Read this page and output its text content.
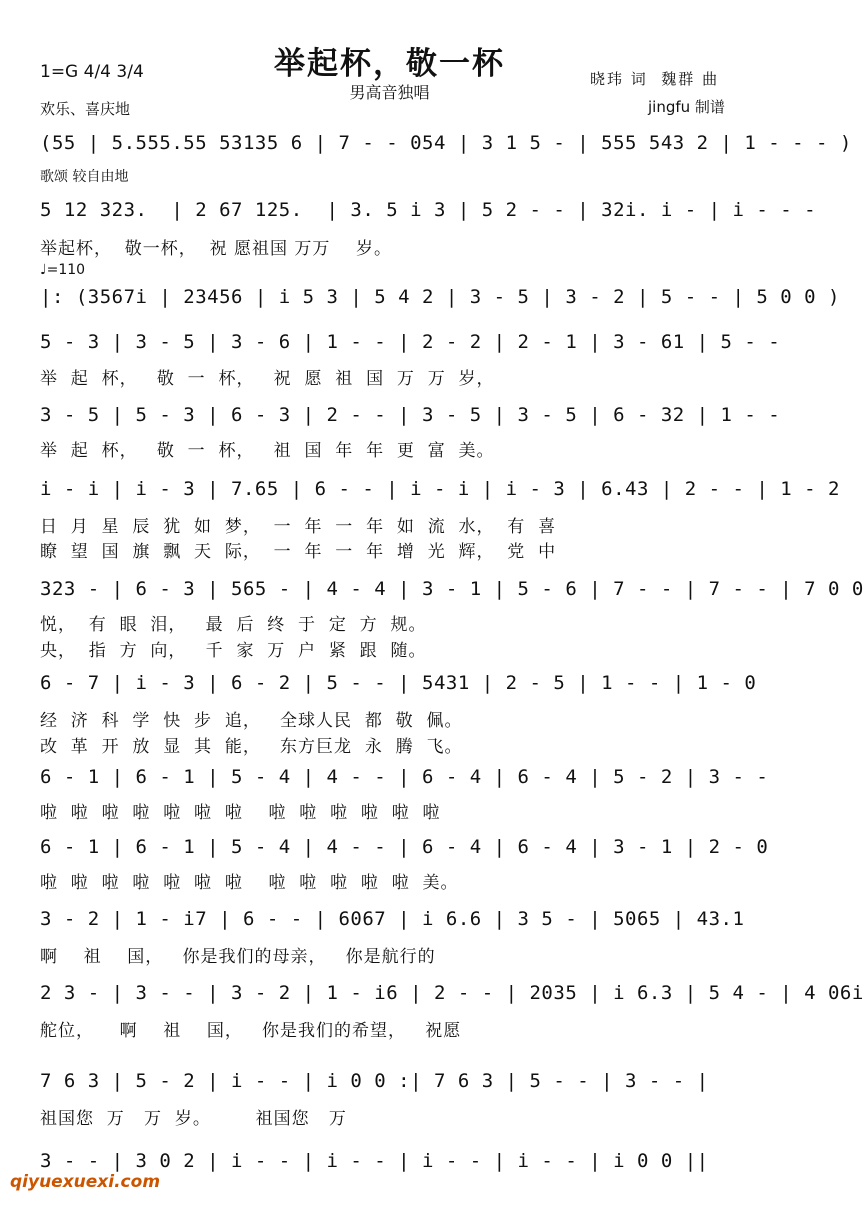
举起杯，敬一杯
男高音独唱
1=G 4/4 3/4
欢乐、喜庆地
晓玮 词  魏群 曲
jingfu 制谱
(55 | 5.555.55 53135 6 | 7 - - 054 | 3 1 5 - | 555 543 2 | 1 - - - )
歌颂 较自由地
5 12 323.  | 2 67 125.  | 3. 5 i 3 | 5 2 - - | 32i. i - | i - - -
举起杯，  敬一杯，  祝 愿祖国 万万    岁。
♩=110
|: (3567i | 23456 | i 5 3 | 5 4 2 | 3 - 5 | 3 - 2 | 5 - - | 5 0 0 )
5 - 3 | 3 - 5 | 3 - 6 | 1 - - | 2 - 2 | 2 - 1 | 3 - 61 | 5 - -
举  起  杯，   敬  一  杯，   祝  愿  祖  国  万  万  岁，
3 - 5 | 5 - 3 | 6 - 3 | 2 - - | 3 - 5 | 3 - 5 | 6 - 32 | 1 - -
举  起  杯，   敬  一  杯，   祖  国  年  年  更  富  美。
i - i | i - 3 | 7.65 | 6 - - | i - i | i - 3 | 6.43 | 2 - - | 1 - 2
日  月  星  辰  犹  如  梦，  一  年  一  年  如  流  水，  有  喜
瞭  望  国  旗  飘  天  际，  一  年  一  年  增  光  辉，  党  中
323 - | 6 - 3 | 565 - | 4 - 4 | 3 - 1 | 5 - 6 | 7 - - | 7 - - | 7 0 0
悦，  有  眼  泪，   最  后  终  于  定  方  规。
央，  指  方  向，   千  家  万  户  紧  跟  随。
6 - 7 | i - 3 | 6 - 2 | 5 - - | 5431 | 2 - 5 | 1 - - | 1 - 0
经  济  科  学  快  步  追，   全球人民  都  敬  佩。
改  革  开  放  显  其  能，   东方巨龙  永  腾  飞。
6 - 1 | 6 - 1 | 5 - 4 | 4 - - | 6 - 4 | 6 - 4 | 5 - 2 | 3 - -
啦  啦  啦  啦  啦  啦  啦    啦  啦  啦  啦  啦  啦
6 - 1 | 6 - 1 | 5 - 4 | 4 - - | 6 - 4 | 6 - 4 | 3 - 1 | 2 - 0
啦  啦  啦  啦  啦  啦  啦    啦  啦  啦  啦  啦  美。
3 - 2 | 1 - i7 | 6 - - | 6067 | i 6.6 | 3 5 - | 5065 | 43.1
啊    祖    国，   你是我们的母亲，   你是航行的
2 3 - | 3 - - | 3 - 2 | 1 - i6 | 2 - - | 2035 | i 6.3 | 5 4 - | 4 06i
舵位，    啊    祖    国，   你是我们的希望，   祝愿
7 6 3 | 5 - 2 | i - - | i 0 0 :| 7 6 3 | 5 - - | 3 - - |
祖国您  万   万  岁。       祖国您   万
3 - - | 3 0 2 | i - - | i - - | i - - | i - - | i 0 0 ||
qiyuexuexi.com
